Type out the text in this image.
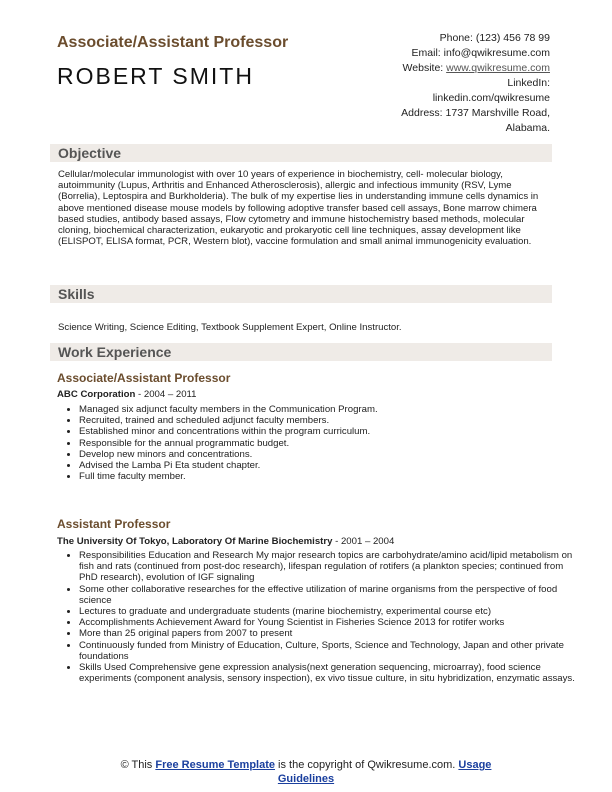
Associate/Assistant Professor
ROBERT SMITH
Phone: (123) 456 78 99
Email: info@qwikresume.com
Website: www.qwikresume.com
LinkedIn:
linkedin.com/qwikresume
Address: 1737 Marshville Road,
Alabama.
Objective
Cellular/molecular immunologist with over 10 years of experience in biochemistry, cell- molecular biology, autoimmunity (Lupus, Arthritis and Enhanced Atherosclerosis), allergic and infectious immunity (RSV, Lyme (Borrelia), Leptospira and Burkholderia). The bulk of my expertise lies in understanding immune cells dynamics in above mentioned disease mouse models by following adoptive transfer based cell assays, Bone marrow chimera based studies, antibody based assays, Flow cytometry and immune histochemistry based methods, molecular cloning, biochemical characterization, eukaryotic and prokaryotic cell line techniques, assay development like (ELISPOT, ELISA format, PCR, Western blot), vaccine formulation and small animal immunogenicity evaluation.
Skills
Science Writing, Science Editing, Textbook Supplement Expert, Online Instructor.
Work Experience
Associate/Assistant Professor
ABC Corporation - 2004 – 2011
• Managed six adjunct faculty members in the Communication Program.
• Recruited, trained and scheduled adjunct faculty members.
• Established minor and concentrations within the program curriculum.
• Responsible for the annual programmatic budget.
• Develop new minors and concentrations.
• Advised the Lamba Pi Eta student chapter.
• Full time faculty member.
Assistant Professor
The University Of Tokyo, Laboratory Of Marine Biochemistry - 2001 – 2004
• Responsibilities Education and Research My major research topics are carbohydrate/amino acid/lipid metabolism on fish and rats (continued from post-doc research), lifespan regulation of rotifers (a plankton species; continued from PhD research), evolution of IGF signaling
• Some other collaborative researches for the effective utilization of marine organisms from the perspective of food science
• Lectures to graduate and undergraduate students (marine biochemistry, experimental course etc)
• Accomplishments Achievement Award for Young Scientist in Fisheries Science 2013 for rotifer works
• More than 25 original papers from 2007 to present
• Continuously funded from Ministry of Education, Culture, Sports, Science and Technology, Japan and other private foundations
• Skills Used Comprehensive gene expression analysis(next generation sequencing, microarray), food science experiments (component analysis, sensory inspection), ex vivo tissue culture, in situ hybridization, enzymatic assays.
© This Free Resume Template is the copyright of Qwikresume.com. Usage
Guidelines
